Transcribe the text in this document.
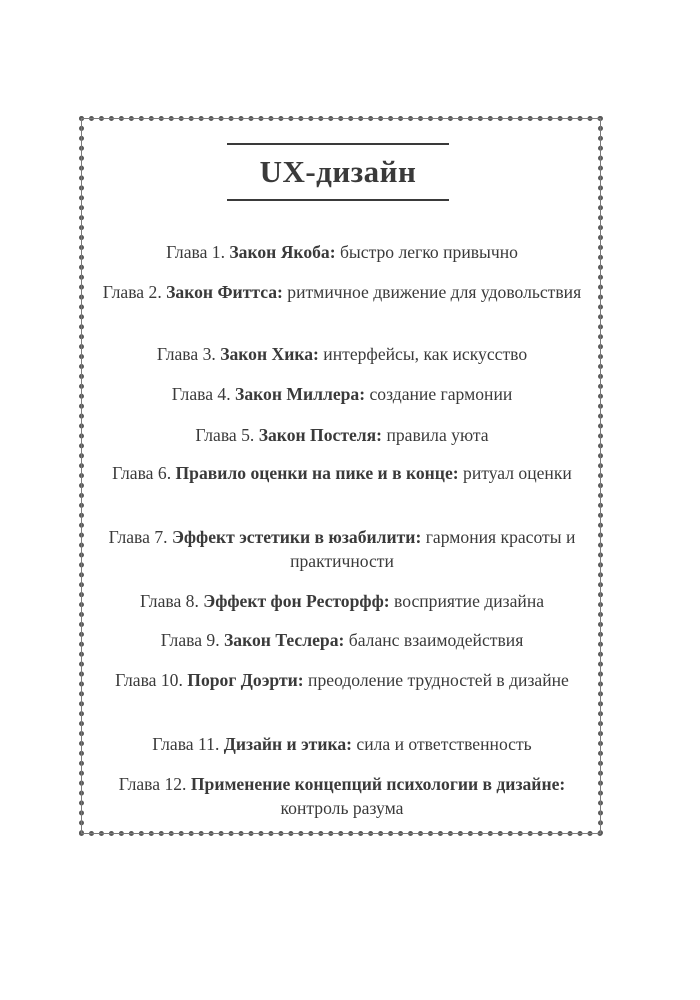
UX-дизайн
Глава 1. Закон Якоба: быстро легко привычно
Глава 2. Закон Фиттса: ритмичное движение для удовольствия
Глава 3. Закон Хика: интерфейсы, как искусство
Глава 4. Закон Миллера: создание гармонии
Глава 5. Закон Постеля: правила уюта
Глава 6. Правило оценки на пике и в конце: ритуал оценки
Глава 7. Эффект эстетики в юзабилити: гармония красоты и практичности
Глава 8. Эффект фон Ресторфф: восприятие дизайна
Глава 9. Закон Теслера: баланс взаимодействия
Глава 10. Порог Доэрти: преодоление трудностей в дизайне
Глава 11. Дизайн и этика: сила и ответственность
Глава 12. Применение концепций психологии в дизайне: контроль разума
